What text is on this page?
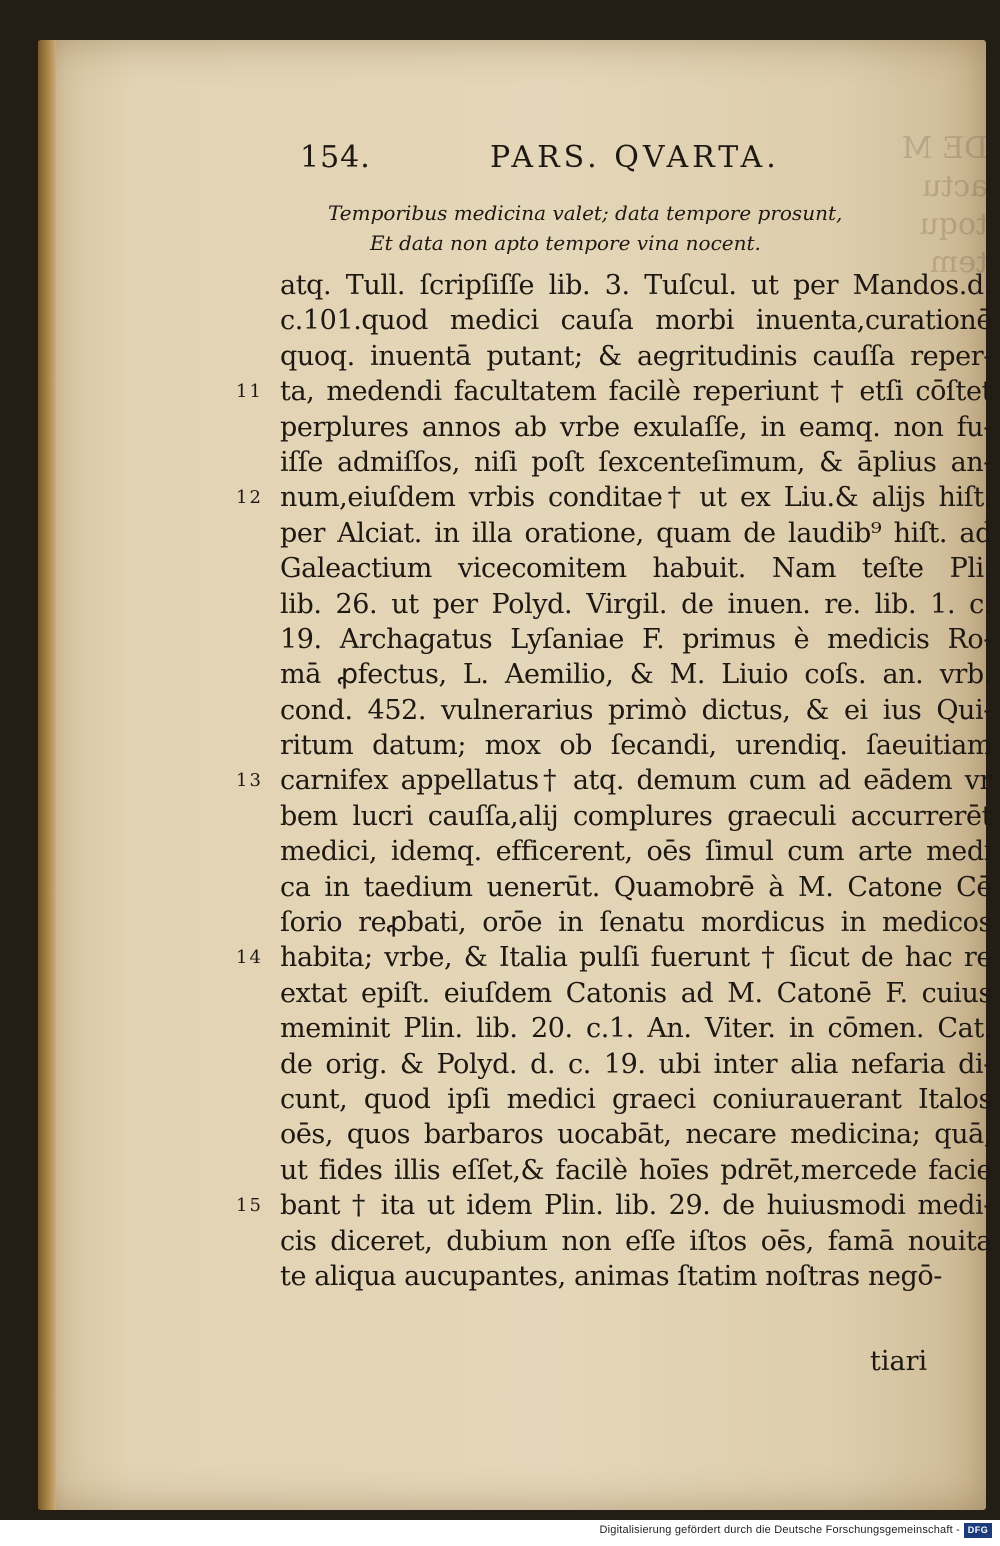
DE M
actu
toqu
tem
154.	PARS. QVARTA.
Temporibus medicina valet; data tempore prosunt,
Et data non apto tempore vina nocent.
atq. Tull. ſcripſiſſe lib. 3. Tuſcul. ut per Mandos.d.
c.101.quod medici cauſa morbi inuenta,curationē
quoq. inuentā putant; & aegritudinis cauſſa reper-
11 ta, medendi facultatem facilè reperiunt † etſi cōſtet
perplures annos ab vrbe exulaſſe, in eamq. non fu-
iſſe admiſſos, niſi poſt ſexcenteſimum, & āplius an-
12 num,eiuſdem vrbis conditae† ut ex Liu.& alijs hiſt.
per Alciat. in illa oratione, quam de laudib⁹ hiſt. ad
Galeactium vicecomitem habuit. Nam teſte Pli.
lib. 26. ut per Polyd. Virgil. de inuen. re. lib. 1. c.
19. Archagatus Lyſaniae F. primus è medicis Ro-
mā ꝓfectus, L. Aemilio, & M. Liuio coſs. an. vrb.
cond. 452. vulnerarius primò dictus, & ei ius Qui-
ritum datum; mox ob ſecandi, urendiq. ſaeuitiam
13 carnifex appellatus† atq. demum cum ad eādem vr
bem lucri cauſſa,alij complures graeculi accurrerēt
medici, idemq. efficerent, oēs ſimul cum arte medi
ca in taedium uenerūt. Quamobrē à M. Catone Cē
ſorio reꝓbati, orōe in ſenatu mordicus in medicos
14 habita; vrbe, & Italia pulſi fuerunt † ſicut de hac re
extat epiſt. eiuſdem Catonis ad M. Catonē F. cuius
meminit Plin. lib. 20. c.1. An. Viter. in cōmen. Cat.
de orig. & Polyd. d. c. 19. ubi inter alia nefaria di-
cunt, quod ipſi medici graeci coniurauerant Italos
oēs, quos barbaros uocabāt, necare medicina; quā,
ut fides illis eſſet,& facilè hoīes pdrēt,mercede facie
15 bant † ita ut idem Plin. lib. 29. de huiusmodi medi-
cis diceret, dubium non eſſe iſtos oēs, famā nouita
te aliqua aucupantes, animas ſtatim noſtras negō-
tiari
Digitalisierung gefördert durch die Deutsche Forschungsgemeinschaft - DFG
